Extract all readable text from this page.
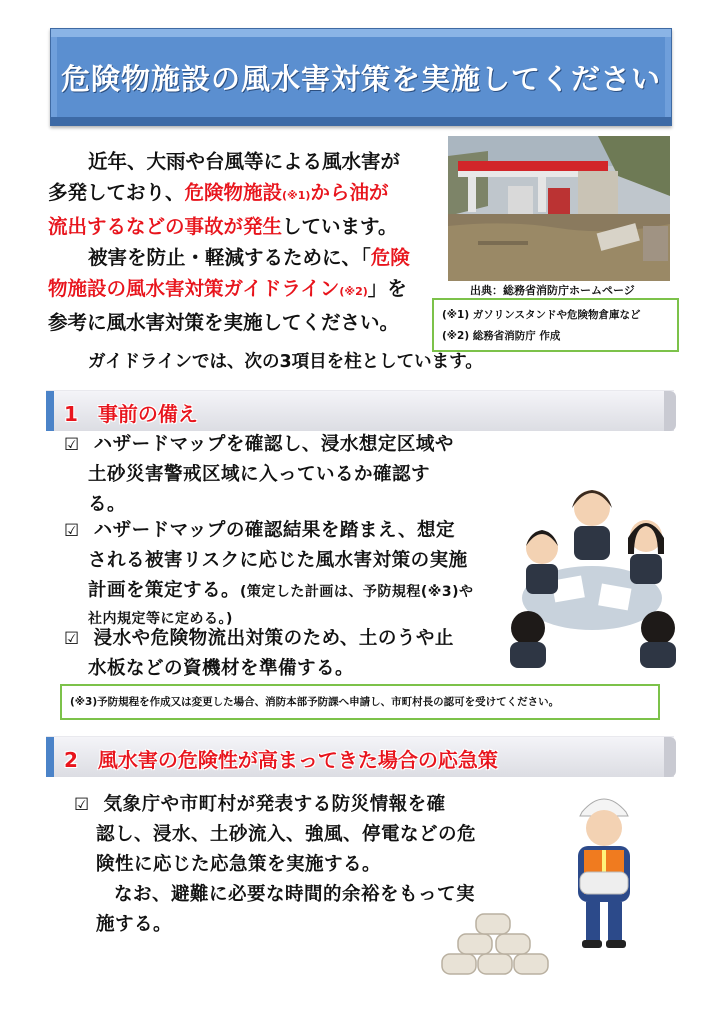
危険物施設の風水害対策を実施してください
近年、大雨や台風等による風水害が
多発しており、危険物施設(※1)から油が
流出するなどの事故が発生しています。
被害を防止・軽減するために、「危険
物施設の風水害対策ガイドライン(※2)」を
参考に風水害対策を実施してください。
出典：総務省消防庁ホームページ
(※1) ガソリンスタンドや危険物倉庫など
(※2) 総務省消防庁 作成
ガイドラインでは、次の3項目を柱としています。
1　事前の備え
☑ ハザードマップを確認し、浸水想定区域や
土砂災害警戒区域に入っているか確認す
る。
☑ ハザードマップの確認結果を踏まえ、想定
される被害リスクに応じた風水害対策の実施
計画を策定する。(策定した計画は、予防規程(※3)や
社内規定等に定める。)
☑ 浸水や危険物流出対策のため、土のうや止
水板などの資機材を準備する。
(※3)予防規程を作成又は変更した場合、消防本部予防課へ申請し、市町村長の認可を受けてください。
2　風水害の危険性が高まってきた場合の応急策
☑ 気象庁や市町村が発表する防災情報を確
認し、浸水、土砂流入、強風、停電などの危
険性に応じた応急策を実施する。
なお、避難に必要な時間的余裕をもって実
施する。
